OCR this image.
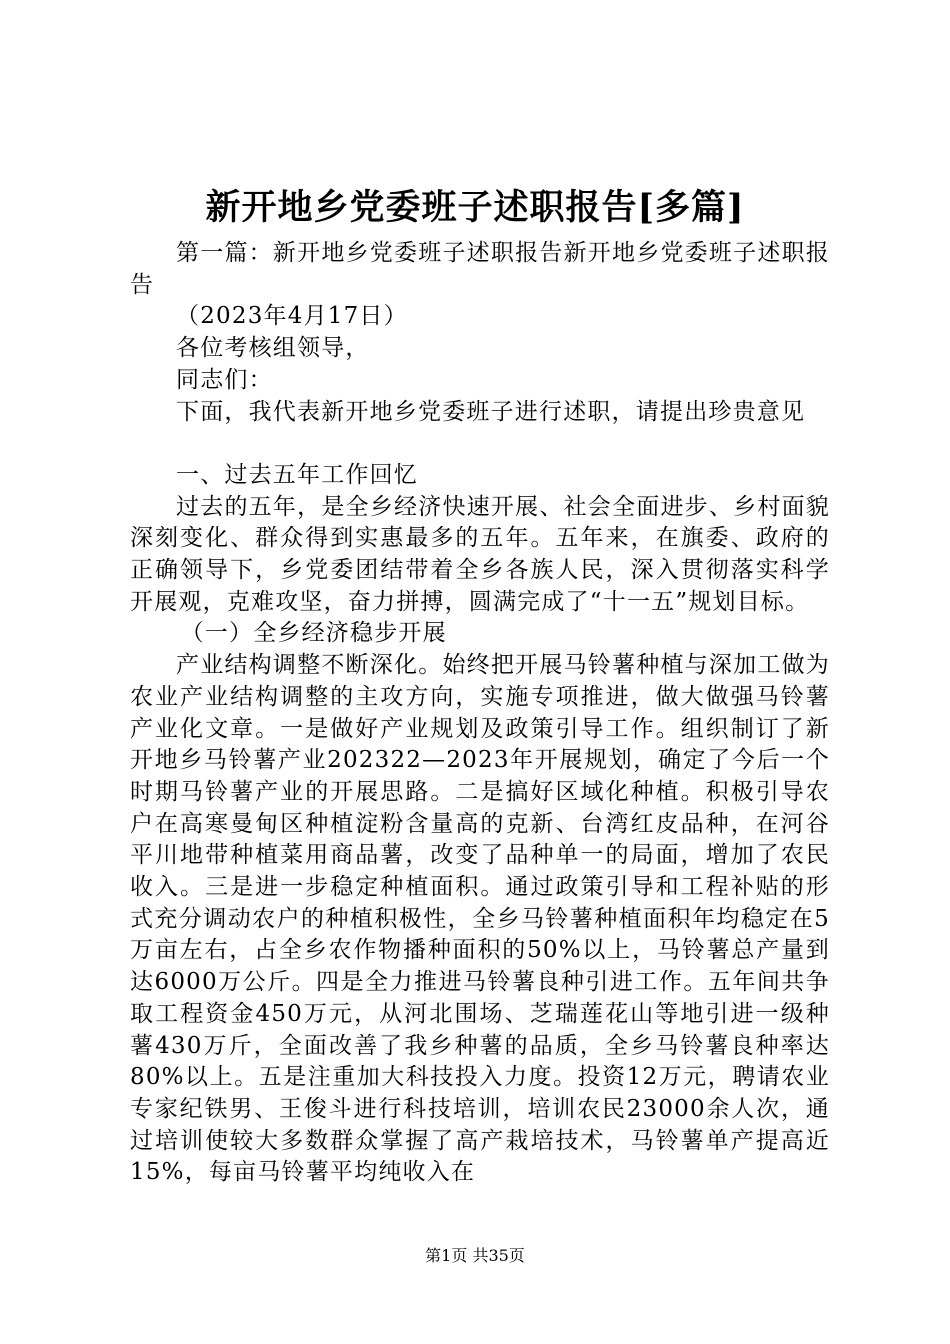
新开地乡党委班子述职报告[多篇]

第一篇：新开地乡党委班子述职报告新开地乡党委班子述职报告

（2023年4月17日）

各位考核组领导，

同志们：

下面，我代表新开地乡党委班子进行述职，请提出珍贵意见

一、过去五年工作回忆

过去的五年，是全乡经济快速开展、社会全面进步、乡村面貌深刻变化、群众得到实惠最多的五年。五年来，在旗委、政府的正确领导下，乡党委团结带着全乡各族人民，深入贯彻落实科学开展观，克难攻坚，奋力拼搏，圆满完成了“十一五”规划目标。

（一）全乡经济稳步开展

产业结构调整不断深化。始终把开展马铃薯种植与深加工做为农业产业结构调整的主攻方向，实施专项推进，做大做强马铃薯产业化文章。一是做好产业规划及政策引导工作。组织制订了新开地乡马铃薯产业202322—2023年开展规划，确定了今后一个时期马铃薯产业的开展思路。二是搞好区域化种植。积极引导农户在高寒曼甸区种植淀粉含量高的克新、台湾红皮品种，在河谷平川地带种植菜用商品薯，改变了品种单一的局面，增加了农民收入。三是进一步稳定种植面积。通过政策引导和工程补贴的形式充分调动农户的种植积极性，全乡马铃薯种植面积年均稳定在5万亩左右，占全乡农作物播种面积的50%以上，马铃薯总产量到达6000万公斤。四是全力推进马铃薯良种引进工作。五年间共争取工程资金450万元，从河北围场、芝瑞莲花山等地引进一级种薯430万斤，全面改善了我乡种薯的品质，全乡马铃薯良种率达80%以上。五是注重加大科技投入力度。投资12万元，聘请农业专家纪铁男、王俊斗进行科技培训，培训农民23000余人次，通过培训使较大多数群众掌握了高产栽培技术，马铃薯单产提高近15%，每亩马铃薯平均纯收入在

第1页 共35页
